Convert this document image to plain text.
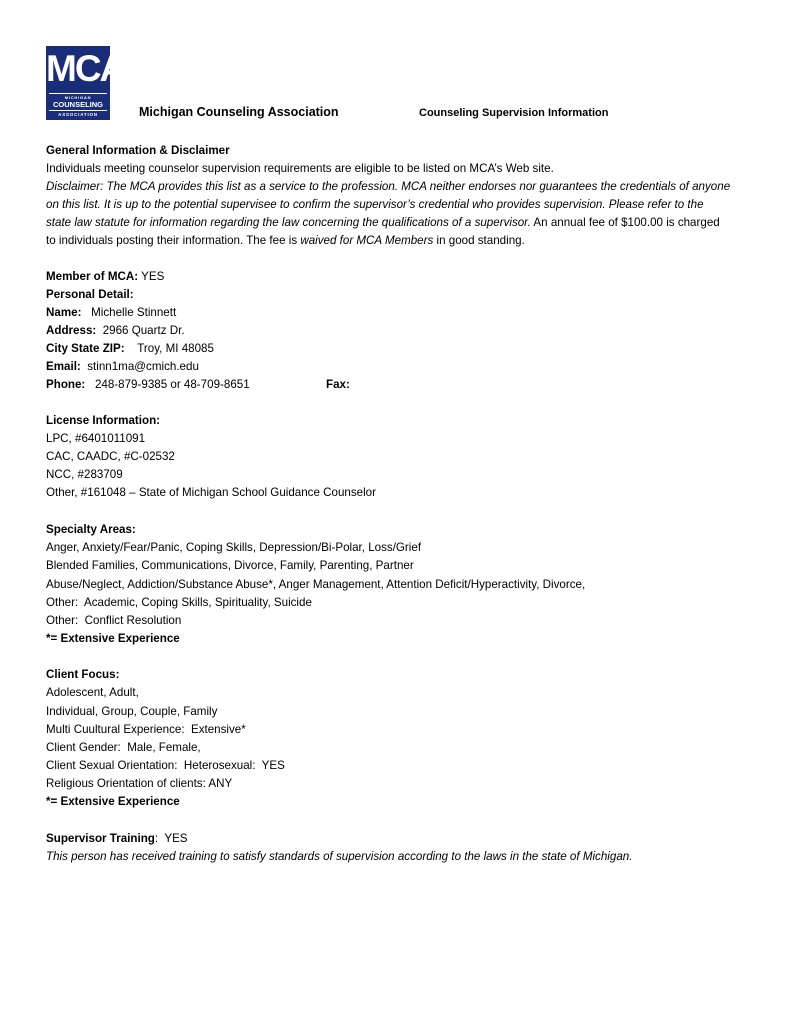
MCA
MICHIGAN
COUNSELING
ASSOCIATION	Michigan Counseling Association	Counseling Supervision Information
General Information & Disclaimer
Individuals meeting counselor supervision requirements are eligible to be listed on MCA’s Web site.
Disclaimer: The MCA provides this list as a service to the profession. MCA neither endorses nor guarantees the credentials of anyone
on this list. It is up to the potential supervisee to confirm the supervisor’s credential who provides supervision. Please refer to the
state law statute for information regarding the law concerning the qualifications of a supervisor. An annual fee of $100.00 is charged
to individuals posting their information. The fee is waived for MCA Members in good standing.
Member of MCA: YES
Personal Detail:
Name:   Michelle Stinnett
Address:  2966 Quartz Dr.
City State ZIP:    Troy, MI 48085
Email:  stinn1ma@cmich.edu
Phone:   248-879-9385 or 48-709-8651	Fax:
License Information:
LPC, #6401011091
CAC, CAADC, #C-02532
NCC, #283709
Other, #161048 – State of Michigan School Guidance Counselor
Specialty Areas:
Anger, Anxiety/Fear/Panic, Coping Skills, Depression/Bi-Polar, Loss/Grief
Blended Families, Communications, Divorce, Family, Parenting, Partner
Abuse/Neglect, Addiction/Substance Abuse*, Anger Management, Attention Deficit/Hyperactivity, Divorce,
Other:  Academic, Coping Skills, Spirituality, Suicide
Other:  Conflict Resolution
*= Extensive Experience
Client Focus:
Adolescent, Adult,
Individual, Group, Couple, Family
Multi Cuultural Experience:  Extensive*
Client Gender:  Male, Female,
Client Sexual Orientation:  Heterosexual:  YES
Religious Orientation of clients: ANY
*= Extensive Experience
Supervisor Training:  YES
This person has received training to satisfy standards of supervision according to the laws in the state of Michigan.
